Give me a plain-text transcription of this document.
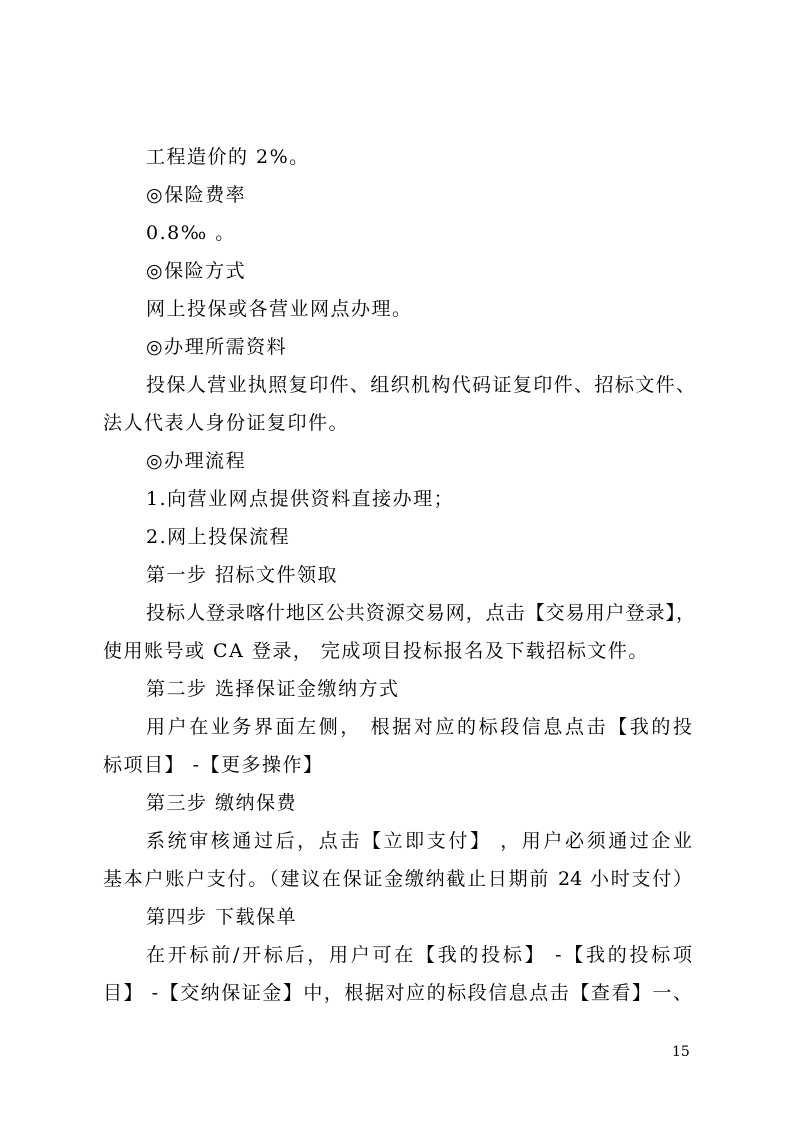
工程造价的 2%。
◎保险费率
0.8‰ 。
◎保险方式
网上投保或各营业网点办理。
◎办理所需资料
投保人营业执照复印件、组织机构代码证复印件、招标文件、
法人代表人身份证复印件。
◎办理流程
1.向营业网点提供资料直接办理；
2.网上投保流程
第一步 招标文件领取
投标人登录喀什地区公共资源交易网，点击【交易用户登录】，
使用账号或 CA 登录， 完成项目投标报名及下载招标文件。
第二步 选择保证金缴纳方式
用户在业务界面左侧， 根据对应的标段信息点击【我的投
标项目】 -【更多操作】
第三步 缴纳保费
系统审核通过后，点击【立即支付】 ，用户必须通过企业
基本户账户支付。（建议在保证金缴纳截止日期前 24 小时支付）
第四步 下载保单
在开标前/开标后，用户可在【我的投标】 -【我的投标项
目】 -【交纳保证金】中，根据对应的标段信息点击【查看】一、
15
